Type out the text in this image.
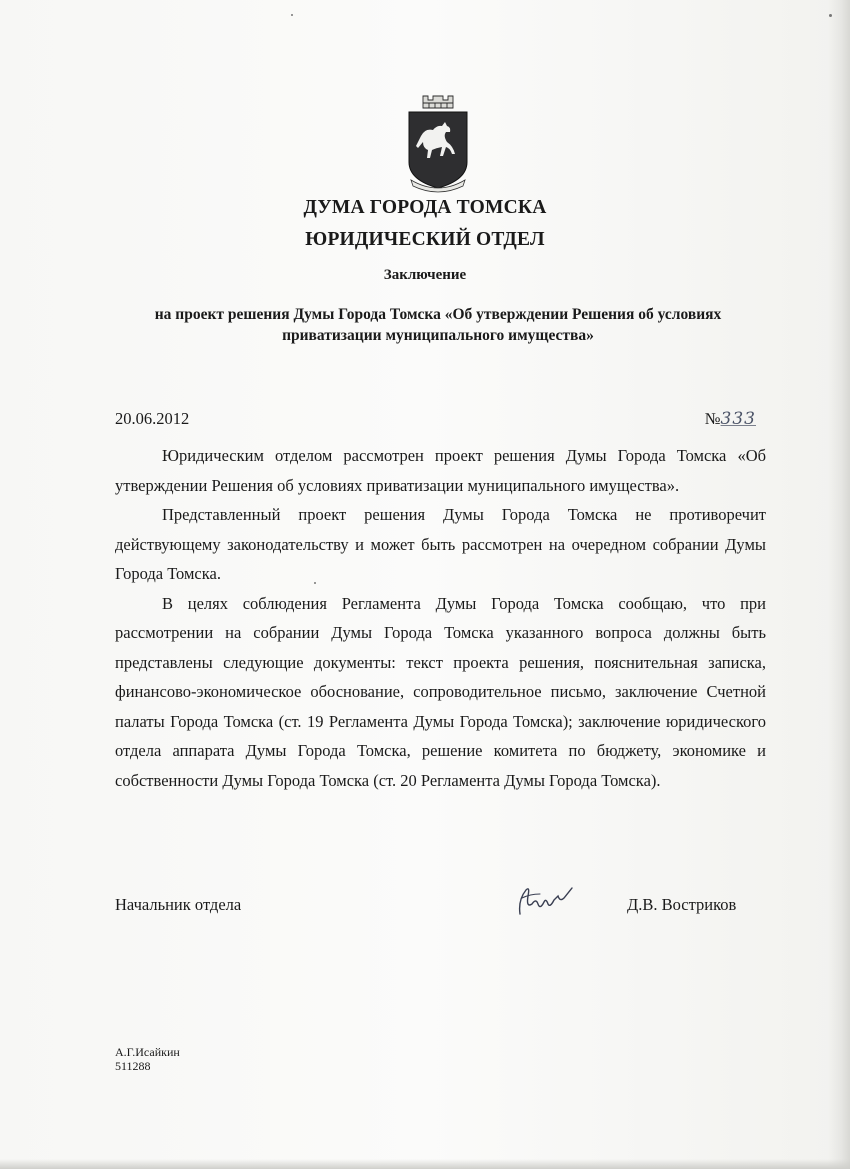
ДУМА ГОРОДА ТОМСКА
ЮРИДИЧЕСКИЙ ОТДЕЛ
Заключение
на проект решения Думы Города Томска «Об утверждении Решения об условиях приватизации муниципального имущества»
20.06.2012	№333

Юридическим отделом рассмотрен проект решения Думы Города Томска «Об утверждении Решения об условиях приватизации муниципального имущества».

Представленный проект решения Думы Города Томска не противоречит действующему законодательству и может быть рассмотрен на очередном собрании Думы Города Томска.

В целях соблюдения Регламента Думы Города Томска сообщаю, что при рассмотрении на собрании Думы Города Томска указанного вопроса должны быть представлены следующие документы: текст проекта решения, пояснительная записка, финансово-экономическое обоснование, сопроводительное письмо, заключение Счетной палаты Города Томска (ст. 19 Регламента Думы Города Томска); заключение юридического отдела аппарата Думы Города Томска, решение комитета по бюджету, экономике и собственности Думы Города Томска (ст. 20 Регламента Думы Города Томска).

Начальник отдела	Д.В. Востриков
А.Г.Исайкин
511288
